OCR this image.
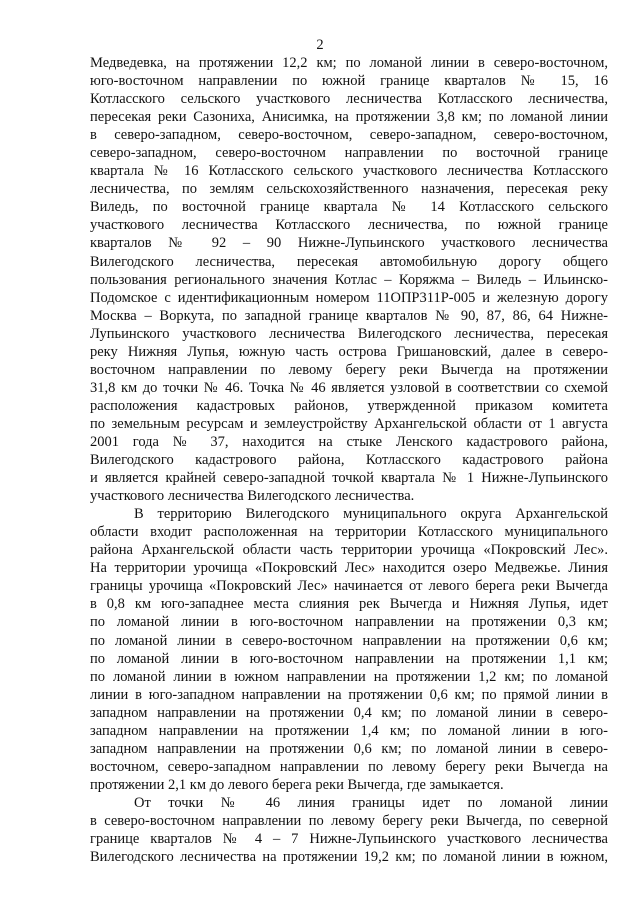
2
Медведевка, на протяжении 12,2 км; по ломаной линии в северо-восточном,
юго-восточном направлении по южной границе кварталов № 15, 16
Котласского сельского участкового лесничества Котласского лесничества,
пересекая реки Сазониха, Анисимка, на протяжении 3,8 км; по ломаной линии
в северо-западном, северо-восточном, северо-западном, северо-восточном,
северо-западном, северо-восточном направлении по восточной границе
квартала № 16 Котласского сельского участкового лесничества Котласского
лесничества, по землям сельскохозяйственного назначения, пересекая реку
Виледь, по восточной границе квартала № 14 Котласского сельского
участкового лесничества Котласского лесничества, по южной границе
кварталов № 92 – 90 Нижне-Лупьинского участкового лесничества
Вилегодского лесничества, пересекая автомобильную дорогу общего
пользования регионального значения Котлас – Коряжма – Виледь – Ильинско-
Подомское с идентификационным номером 11ОПР311Р-005 и железную дорогу
Москва – Воркута, по западной границе кварталов № 90, 87, 86, 64 Нижне-
Лупьинского участкового лесничества Вилегодского лесничества, пересекая
реку Нижняя Лупья, южную часть острова Гришановский, далее в северо-
восточном направлении по левому берегу реки Вычегда на протяжении
31,8 км до точки № 46. Точка № 46 является узловой в соответствии со схемой
расположения кадастровых районов, утвержденной приказом комитета
по земельным ресурсам и землеустройству Архангельской области от 1 августа
2001 года № 37, находится на стыке Ленского кадастрового района,
Вилегодского кадастрового района, Котласского кадастрового района
и является крайней северо-западной точкой квартала № 1 Нижне-Лупьинского
участкового лесничества Вилегодского лесничества.
В территорию Вилегодского муниципального округа Архангельской
области входит расположенная на территории Котласского муниципального
района Архангельской области часть территории урочища «Покровский Лес».
На территории урочища «Покровский Лес» находится озеро Медвежье. Линия
границы урочища «Покровский Лес» начинается от левого берега реки Вычегда
в 0,8 км юго-западнее места слияния рек Вычегда и Нижняя Лупья, идет
по ломаной линии в юго-восточном направлении на протяжении 0,3 км;
по ломаной линии в северо-восточном направлении на протяжении 0,6 км;
по ломаной линии в юго-восточном направлении на протяжении 1,1 км;
по ломаной линии в южном направлении на протяжении 1,2 км; по ломаной
линии в юго-западном направлении на протяжении 0,6 км; по прямой линии в
западном направлении на протяжении 0,4 км; по ломаной линии в северо-
западном направлении на протяжении 1,4 км; по ломаной линии в юго-
западном направлении на протяжении 0,6 км; по ломаной линии в северо-
восточном, северо-западном направлении по левому берегу реки Вычегда на
протяжении 2,1 км до левого берега реки Вычегда, где замыкается.
От точки № 46 линия границы идет по ломаной линии
в северо-восточном направлении по левому берегу реки Вычегда, по северной
границе кварталов № 4 – 7 Нижне-Лупьинского участкового лесничества
Вилегодского лесничества на протяжении 19,2 км; по ломаной линии в южном,
